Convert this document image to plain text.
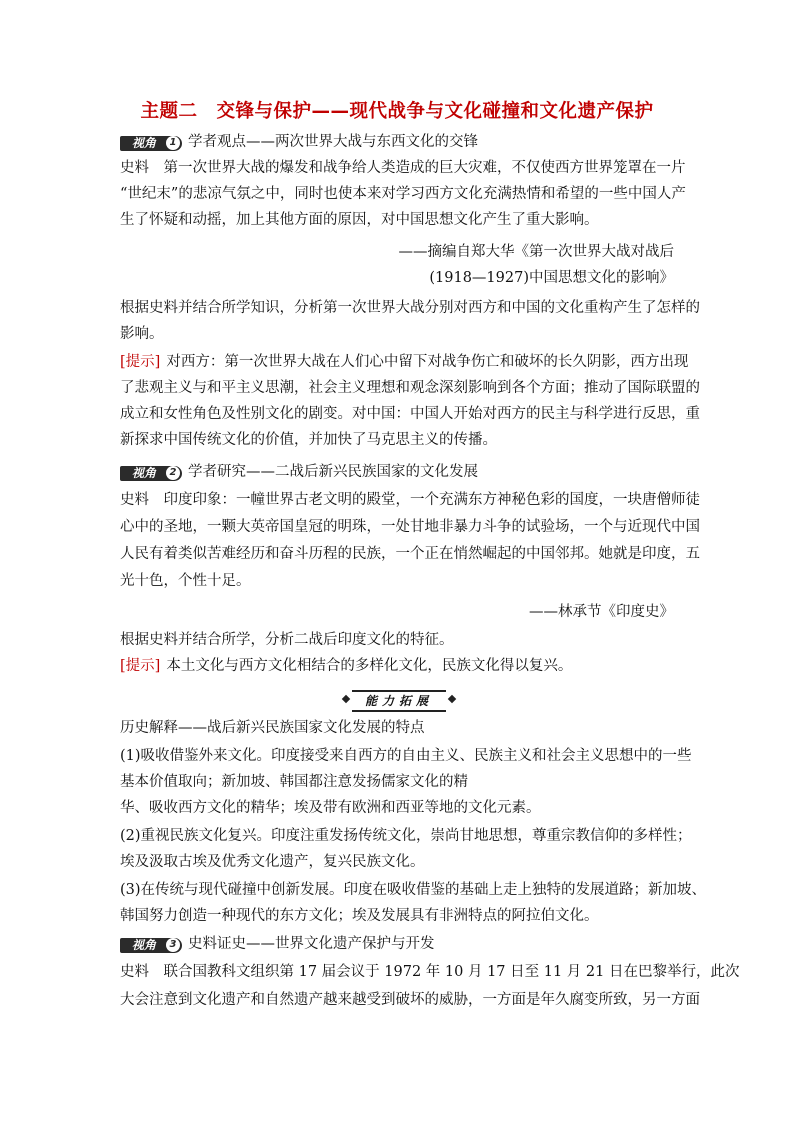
主题二　交锋与保护——现代战争与文化碰撞和文化遗产保护
视角	1 学者观点——两次世界大战与东西文化的交锋
史料　第一次世界大战的爆发和战争给人类造成的巨大灾难，不仅使西方世界笼罩在一片
“世纪末”的悲凉气氛之中，同时也使本来对学习西方文化充满热情和希望的一些中国人产
生了怀疑和动摇，加上其他方面的原因，对中国思想文化产生了重大影响。
——摘编自郑大华《第一次世界大战对战后
(1918—1927)中国思想文化的影响》
根据史料并结合所学知识，分析第一次世界大战分别对西方和中国的文化重构产生了怎样的
影响。
[提示] 对西方：第一次世界大战在人们心中留下对战争伤亡和破坏的长久阴影，西方出现
了悲观主义与和平主义思潮，社会主义理想和观念深刻影响到各个方面；推动了国际联盟的
成立和女性角色及性别文化的剧变。对中国：中国人开始对西方的民主与科学进行反思，重
新探求中国传统文化的价值，并加快了马克思主义的传播。
视角	2 学者研究——二战后新兴民族国家的文化发展
史料　印度印象：一幢世界古老文明的殿堂，一个充满东方神秘色彩的国度，一块唐僧师徒
心中的圣地，一颗大英帝国皇冠的明珠，一处甘地非暴力斗争的试验场，一个与近现代中国
人民有着类似苦难经历和奋斗历程的民族，一个正在悄然崛起的中国邻邦。她就是印度，五
光十色，个性十足。
——林承节《印度史》
根据史料并结合所学，分析二战后印度文化的特征。
[提示] 本土文化与西方文化相结合的多样化文化，民族文化得以复兴。
能力拓展
历史解释——战后新兴民族国家文化发展的特点
(1)吸收借鉴外来文化。印度接受来自西方的自由主义、民族主义和社会主义思想中的一些
基本价值取向；新加坡、韩国都注意发扬儒家文化的精
华、吸收西方文化的精华；埃及带有欧洲和西亚等地的文化元素。
(2)重视民族文化复兴。印度注重发扬传统文化，崇尚甘地思想，尊重宗教信仰的多样性；
埃及汲取古埃及优秀文化遗产，复兴民族文化。
(3)在传统与现代碰撞中创新发展。印度在吸收借鉴的基础上走上独特的发展道路；新加坡、
韩国努力创造一种现代的东方文化；埃及发展具有非洲特点的阿拉伯文化。
视角	3 史料证史——世界文化遗产保护与开发
史料　联合国教科文组织第 17 届会议于 1972 年 10 月 17 日至 11 月 21 日在巴黎举行，此次
大会注意到文化遗产和自然遗产越来越受到破坏的威胁，一方面是年久腐变所致，另一方面
